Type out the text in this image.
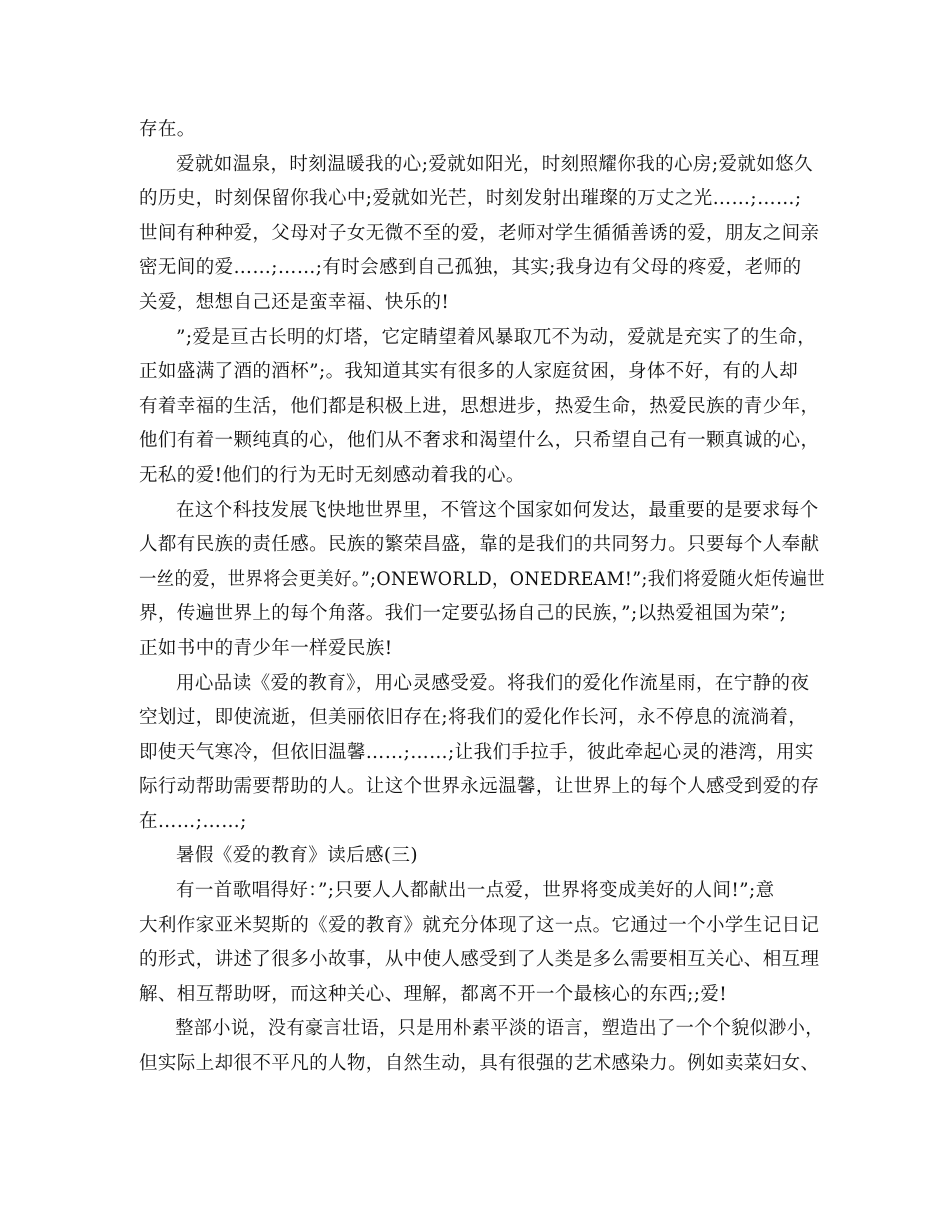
存在。
爱就如温泉，时刻温暖我的心;爱就如阳光，时刻照耀你我的心房;爱就如悠久
的历史，时刻保留你我心中;爱就如光芒，时刻发射出璀璨的万丈之光……;……;
世间有种种爱，父母对子女无微不至的爱，老师对学生循循善诱的爱，朋友之间亲
密无间的爱……;……;有时会感到自己孤独，其实;我身边有父母的疼爱，老师的
关爱，想想自己还是蛮幸福、快乐的!
”;爱是亘古长明的灯塔，它定睛望着风暴取兀不为动，爱就是充实了的生命，
正如盛满了酒的酒杯”;。我知道其实有很多的人家庭贫困，身体不好，有的人却
有着幸福的生活，他们都是积极上进，思想进步，热爱生命，热爱民族的青少年，
他们有着一颗纯真的心，他们从不奢求和渴望什么，只希望自己有一颗真诚的心，
无私的爱!他们的行为无时无刻感动着我的心。
在这个科技发展飞快地世界里，不管这个国家如何发达，最重要的是要求每个
人都有民族的责任感。民族的繁荣昌盛，靠的是我们的共同努力。只要每个人奉献
一丝的爱，世界将会更美好。”;ONEWORLD，ONEDREAM!”;我们将爱随火炬传遍世
界，传遍世界上的每个角落。我们一定要弘扬自己的民族，”;以热爱祖国为荣”;
正如书中的青少年一样爱民族!
用心品读《爱的教育》，用心灵感受爱。将我们的爱化作流星雨，在宁静的夜
空划过，即使流逝，但美丽依旧存在;将我们的爱化作长河，永不停息的流淌着，
即使天气寒冷，但依旧温馨……;……;让我们手拉手，彼此牵起心灵的港湾，用实
际行动帮助需要帮助的人。让这个世界永远温馨，让世界上的每个人感受到爱的存
在……;……;
暑假《爱的教育》读后感(三)
有一首歌唱得好：”;只要人人都献出一点爱，世界将变成美好的人间!”;意
大利作家亚米契斯的《爱的教育》就充分体现了这一点。它通过一个小学生记日记
的形式，讲述了很多小故事，从中使人感受到了人类是多么需要相互关心、相互理
解、相互帮助呀，而这种关心、理解，都离不开一个最核心的东西;;爱!
整部小说，没有豪言壮语，只是用朴素平淡的语言，塑造出了一个个貌似渺小，
但实际上却很不平凡的人物，自然生动，具有很强的艺术感染力。例如卖菜妇女、
